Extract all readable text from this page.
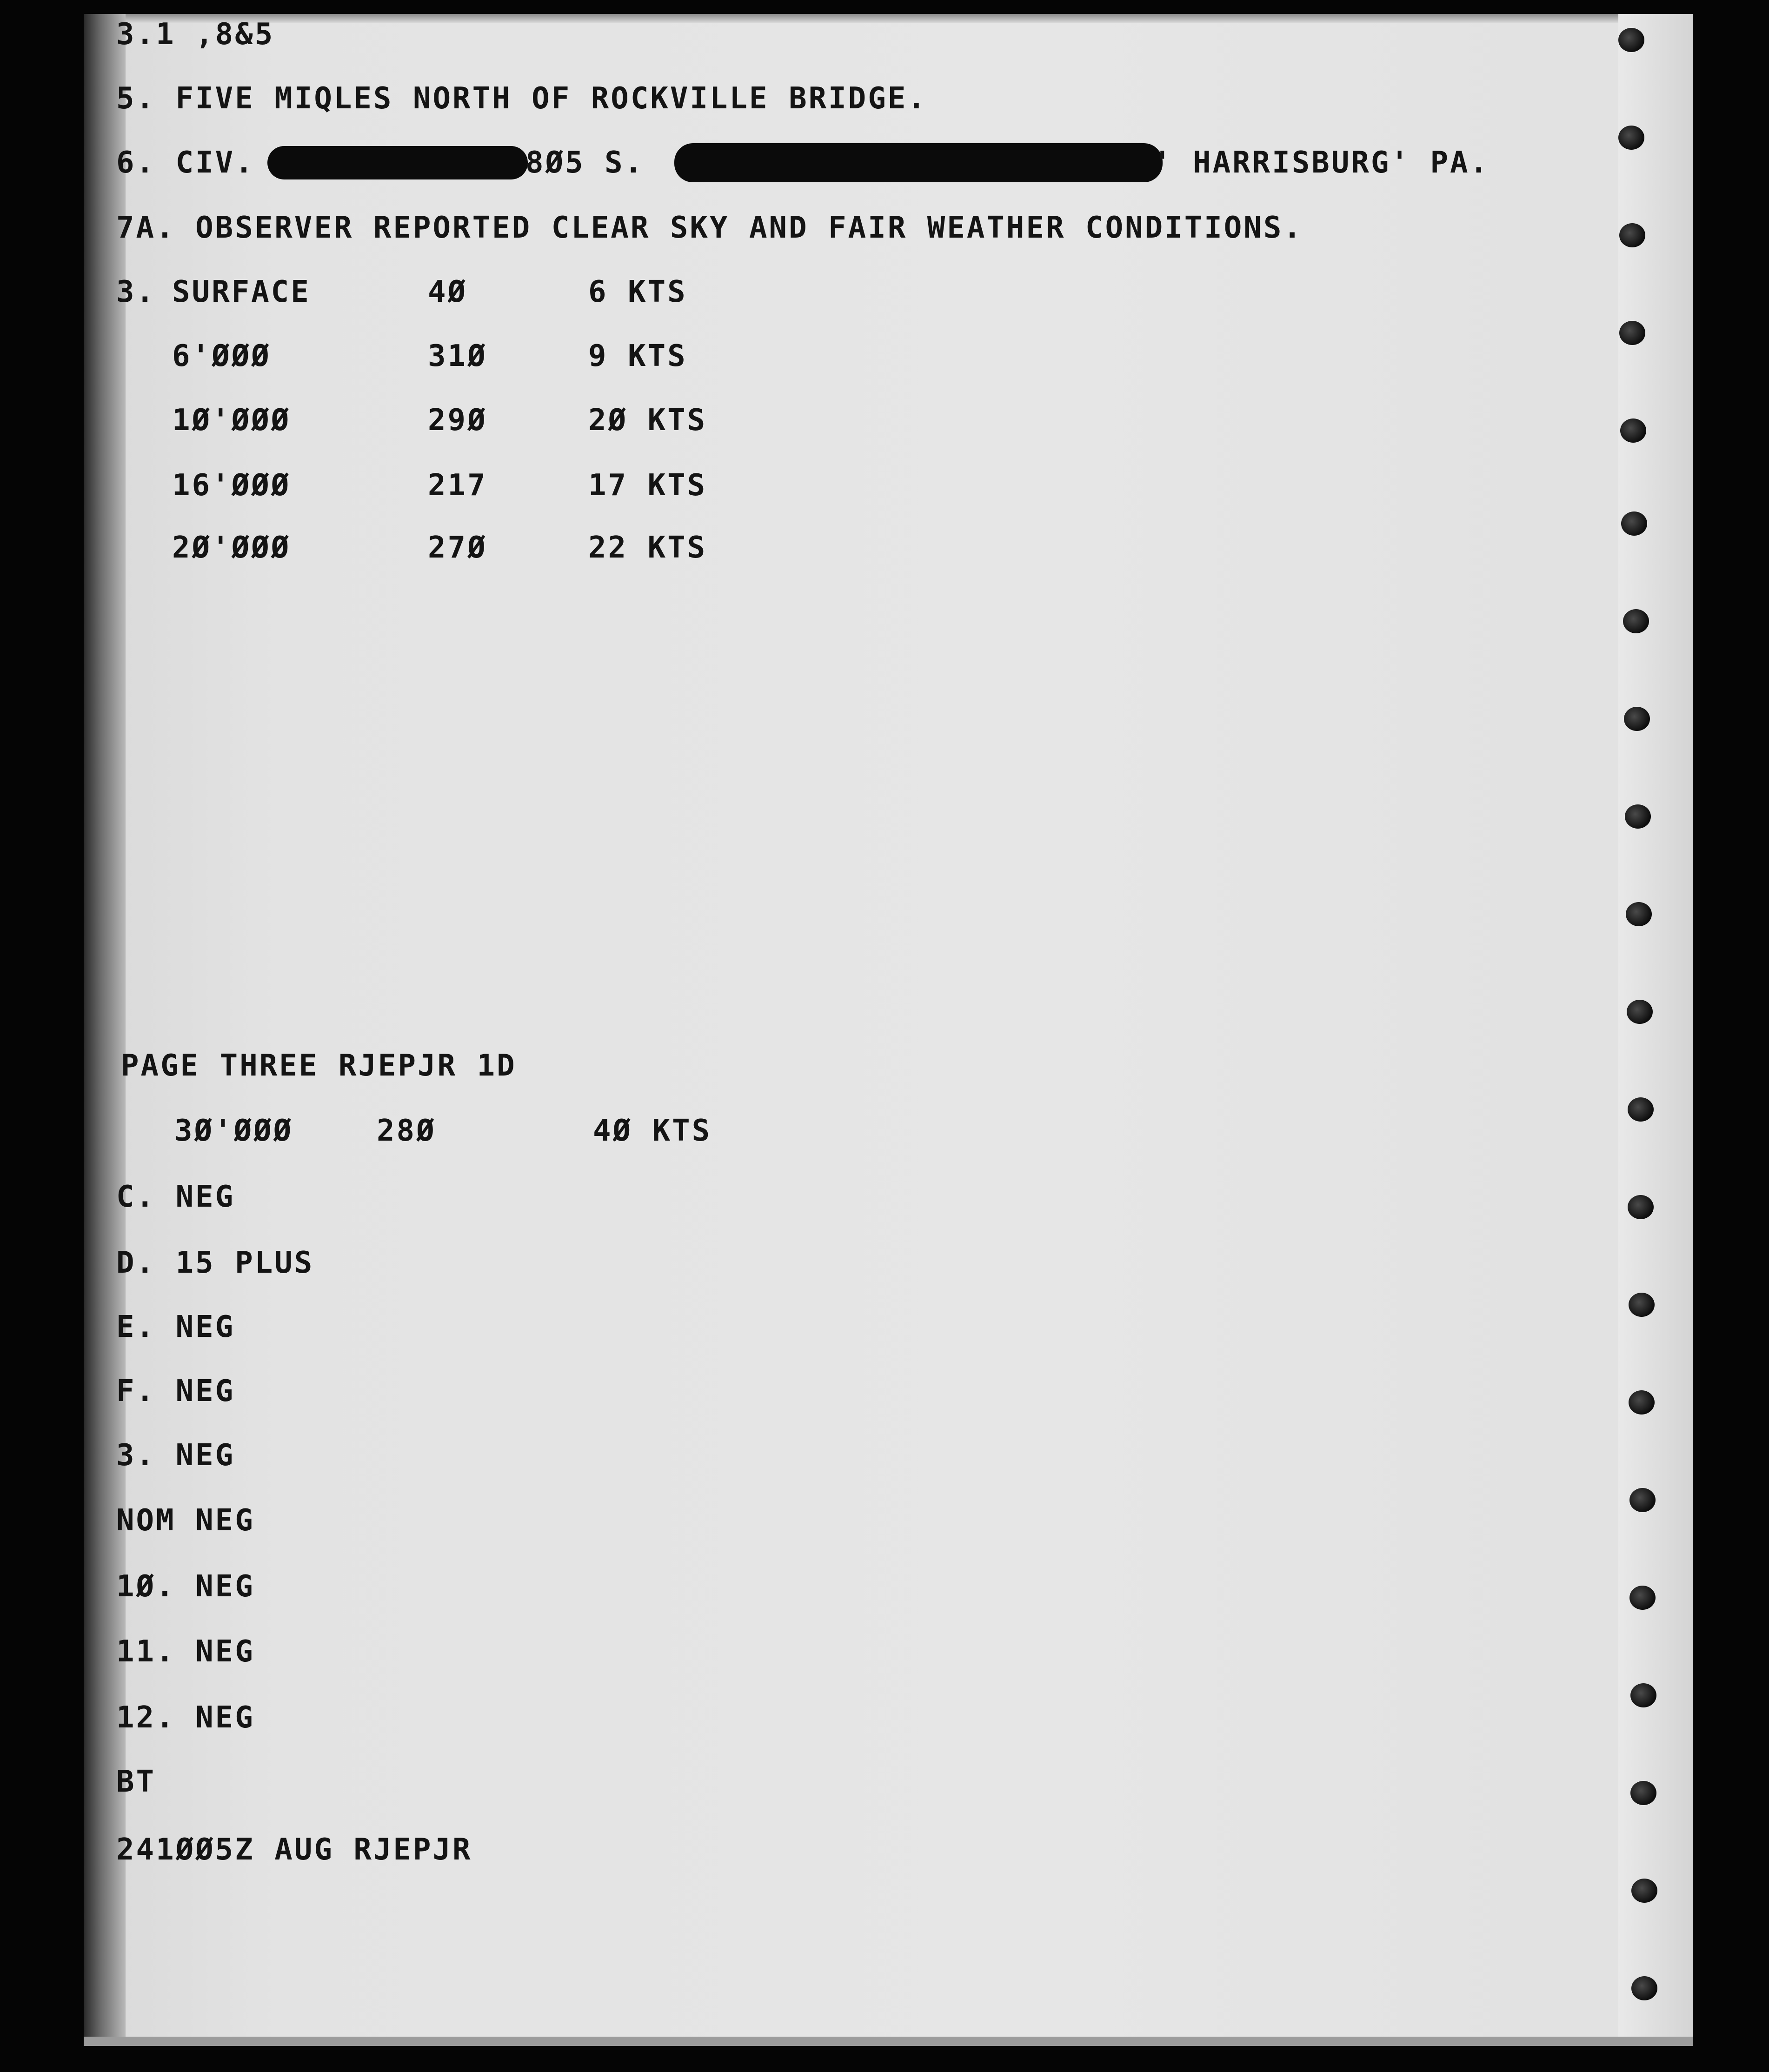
3.1 ,8&5
5. FIVE MIQLES NORTH OF ROCKVILLE BRIDGE.
6. CIV.	8Ø5 S.	' HARRISBURG' PA.
7A. OBSERVER REPORTED CLEAR SKY AND FAIR WEATHER CONDITIONS.
3. SURFACE	4Ø	6 KTS
6'ØØØ	31Ø	9 KTS
1Ø'ØØØ	29Ø	2Ø KTS
16'ØØØ	217	17 KTS
2Ø'ØØØ	27Ø	22 KTS
PAGE THREE RJEPJR 1D
3Ø'ØØØ	28Ø	4Ø KTS
C. NEG
D. 15 PLUS
E. NEG
F. NEG
3. NEG
NOM NEG
1Ø. NEG
11. NEG
12. NEG
BT
241ØØ5Z AUG RJEPJR
